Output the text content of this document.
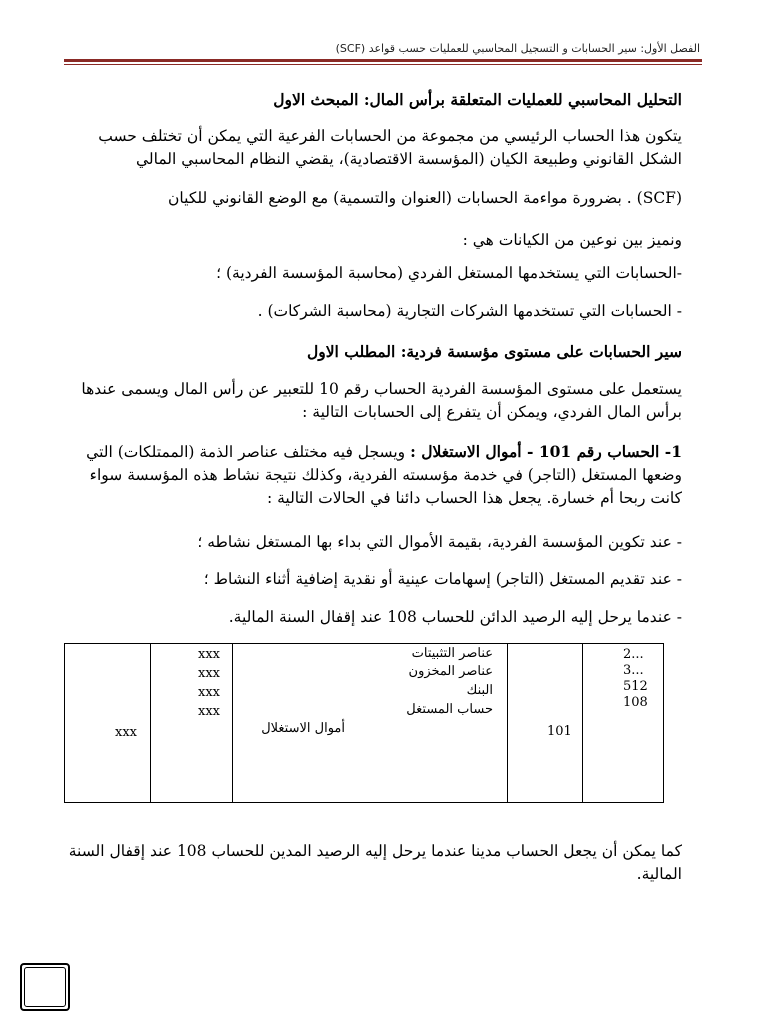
الفصل الأول: سير الحسابات و التسجيل المحاسبي للعمليات حسب قواعد (SCF)
التحليل المحاسبي للعمليات المتعلقة برأس المال: المبحث الاول
يتكون هذا الحساب الرئيسي من مجموعة من الحسابات الفرعية التي يمكن أن تختلف حسب الشكل القانوني وطبيعة الكيان (المؤسسة الاقتصادية)، يقضي النظام المحاسبي المالي
(SCF) . بضرورة مواءمة الحسابات (العنوان والتسمية) مع الوضع القانوني للكيان
ونميز بين نوعين من الكيانات هي :
-الحسابات التي يستخدمها المستغل الفردي (محاسبة المؤسسة الفردية) ؛
- الحسابات التي تستخدمها الشركات التجارية (محاسبة الشركات) .
سير الحسابات على مستوى مؤسسة فردية: المطلب الاول
يستعمل على مستوى المؤسسة الفردية الحساب رقم 10 للتعبير عن رأس المال ويسمى عندها برأس المال الفردي، ويمكن أن يتفرع إلى الحسابات التالية :
1- الحساب رقم 101 - أموال الاستغلال : ويسجل فيه مختلف عناصر الذمة (الممتلكات) التي وضعها المستغل (التاجر) في خدمة مؤسسته الفردية، وكذلك نتيجة نشاط هذه المؤسسة سواء كانت ربحا أم خسارة. يجعل هذا الحساب دائنا في الحالات التالية :
- عند تكوين المؤسسة الفردية، بقيمة الأموال التي بداء بها المستغل نشاطه ؛
- عند تقديم المستغل (التاجر) إسهامات عينية أو نقدية إضافية أثناء النشاط ؛
- عندما يرحل إليه الرصيد الدائن للحساب 108 عند إقفال السنة المالية.
2...
3...
512
108
101
عناصر التثبيتات
عناصر المخزون
البنك
حساب المستغل
أموال الاستغلال
xxx
xxx
xxx
xxx
xxx
كما يمكن أن يجعل الحساب مدينا عندما يرحل إليه الرصيد المدين للحساب 108 عند إقفال السنة المالية.
